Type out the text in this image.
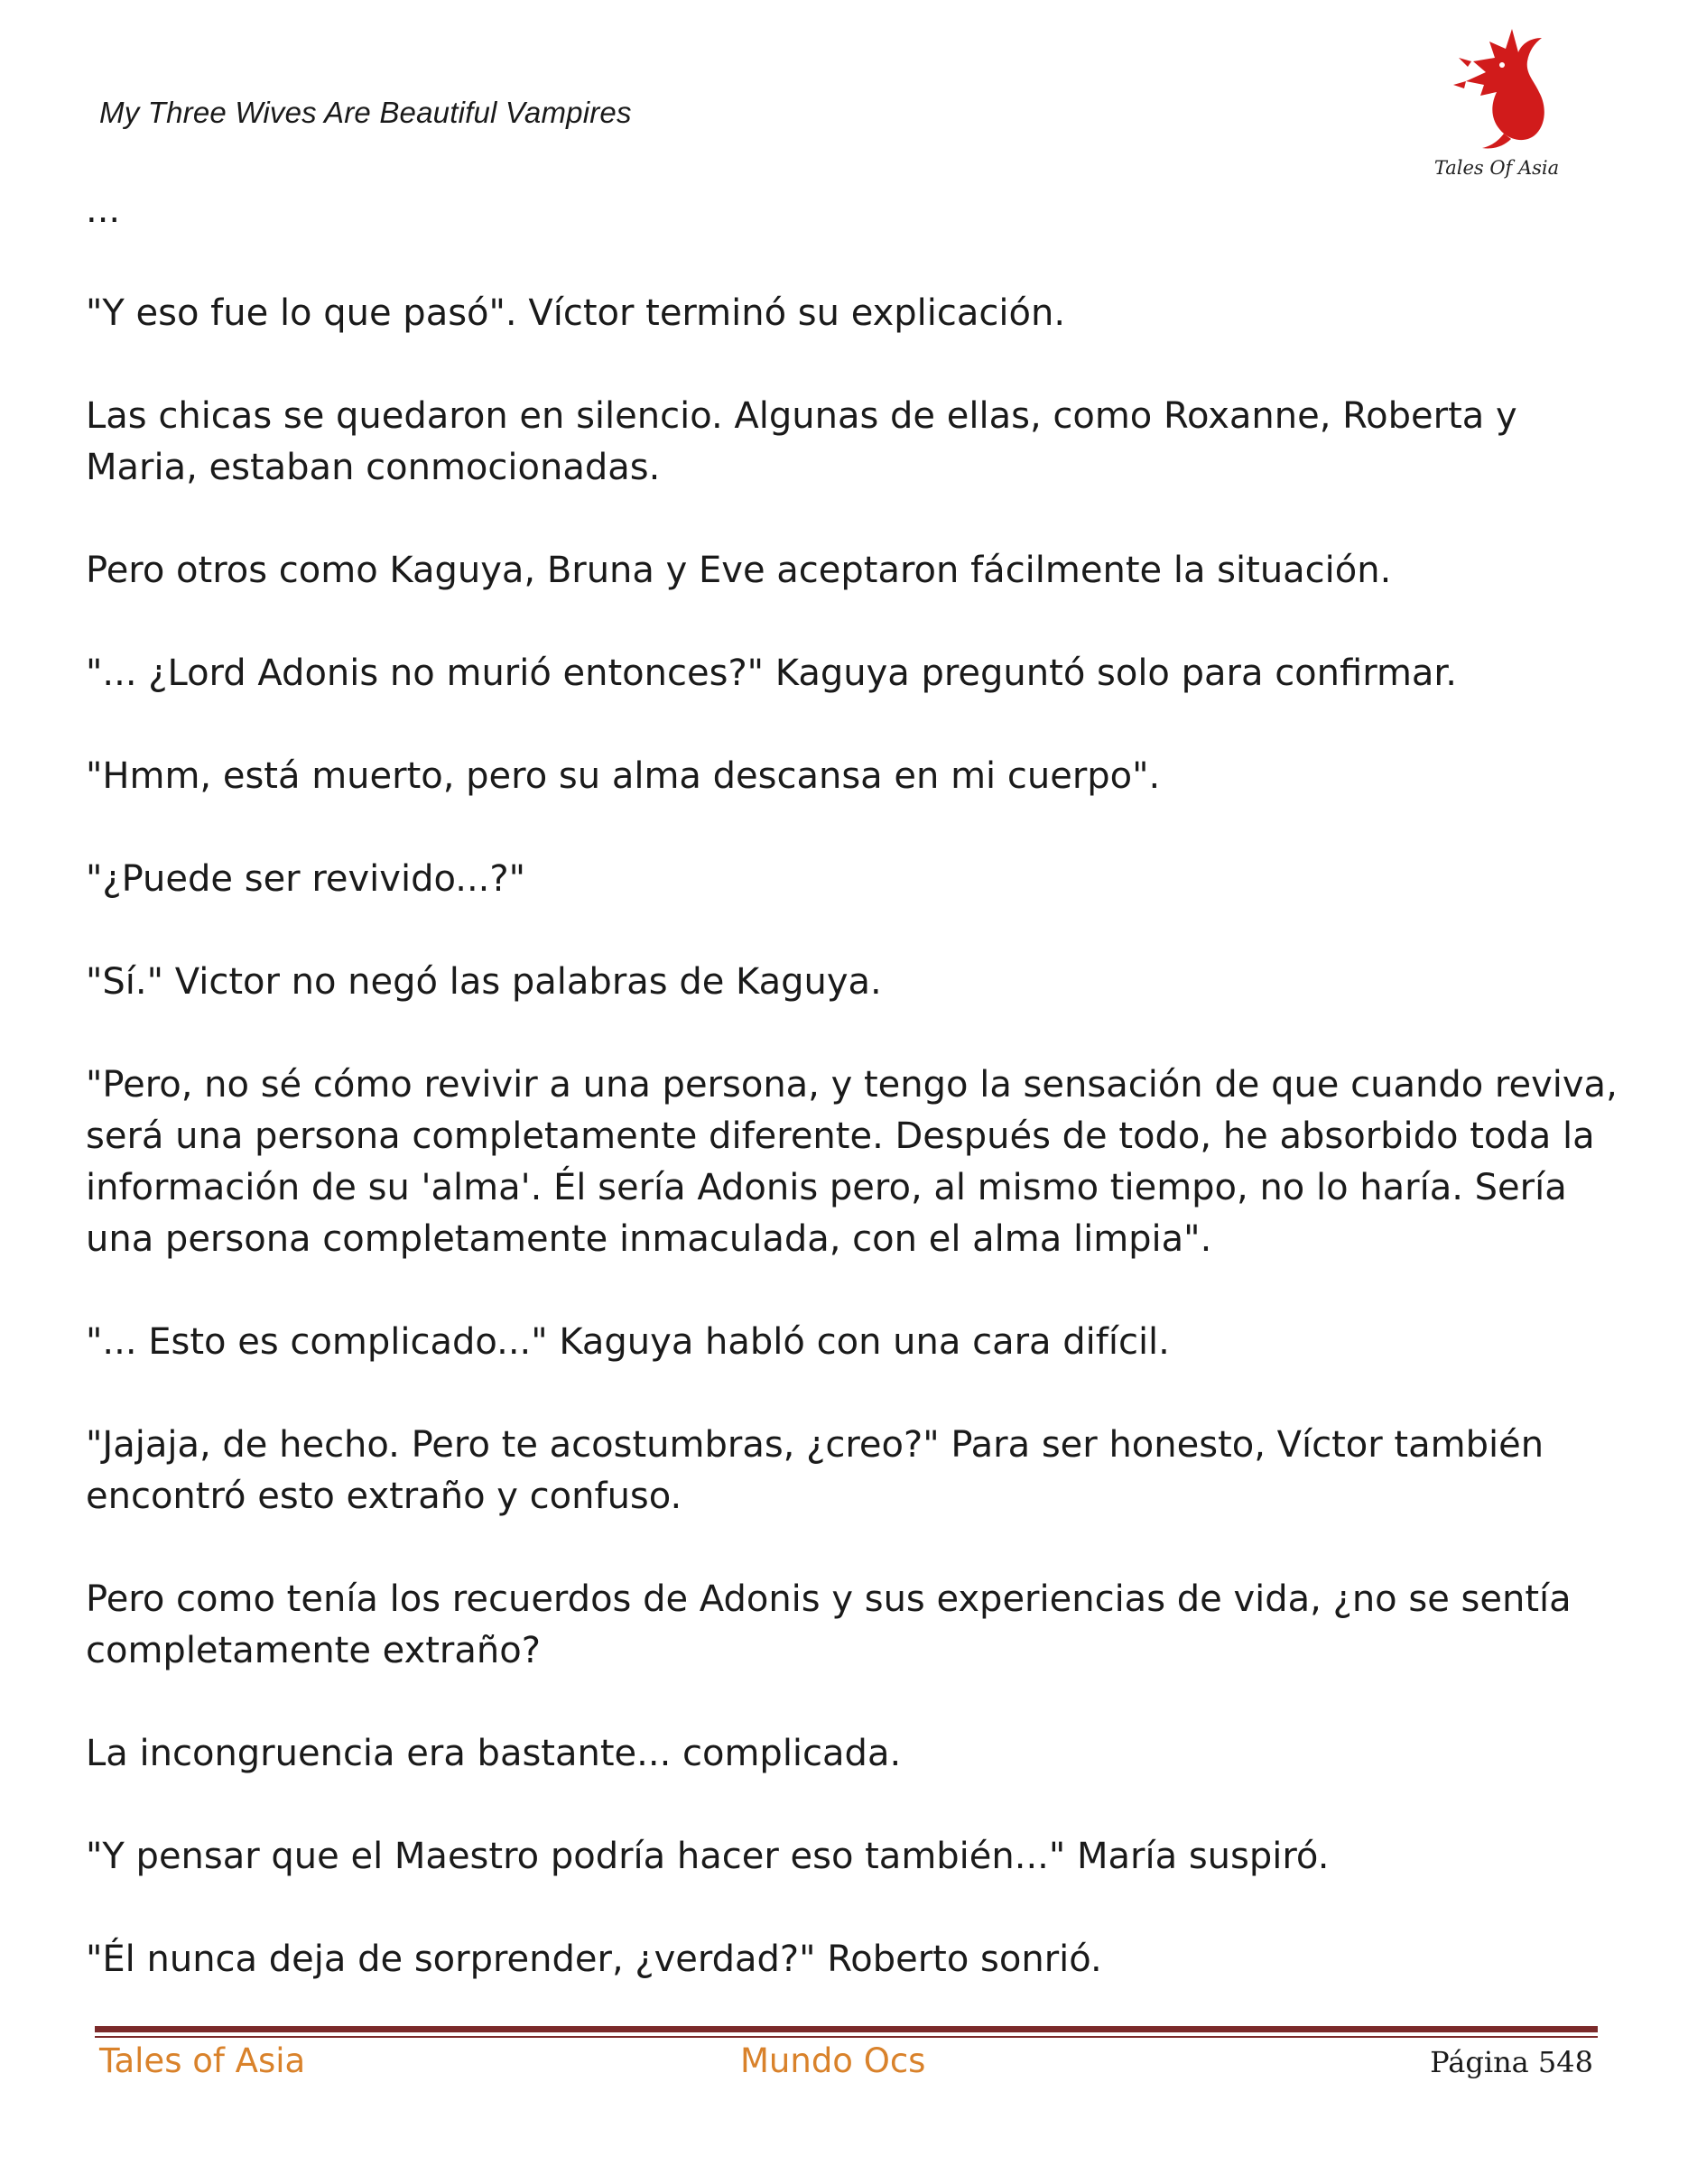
My Three Wives Are Beautiful Vampires
Tales Of Asia

...

"Y eso fue lo que pasó". Víctor terminó su explicación.

Las chicas se quedaron en silencio. Algunas de ellas, como Roxanne, Roberta y Maria, estaban conmocionadas.

Pero otros como Kaguya, Bruna y Eve aceptaron fácilmente la situación.

"... ¿Lord Adonis no murió entonces?" Kaguya preguntó solo para confirmar.

"Hmm, está muerto, pero su alma descansa en mi cuerpo".

"¿Puede ser revivido...?"

"Sí." Victor no negó las palabras de Kaguya.

"Pero, no sé cómo revivir a una persona, y tengo la sensación de que cuando reviva, será una persona completamente diferente. Después de todo, he absorbido toda la información de su 'alma'. Él sería Adonis pero, al mismo tiempo, no lo haría. Sería una persona completamente inmaculada, con el alma limpia".

"... Esto es complicado..." Kaguya habló con una cara difícil.

"Jajaja, de hecho. Pero te acostumbras, ¿creo?" Para ser honesto, Víctor también encontró esto extraño y confuso.

Pero como tenía los recuerdos de Adonis y sus experiencias de vida, ¿no se sentía completamente extraño?

La incongruencia era bastante... complicada.

"Y pensar que el Maestro podría hacer eso también..." María suspiró.

"Él nunca deja de sorprender, ¿verdad?" Roberto sonrió.

Tales of Asia	Mundo Ocs	Página 548
